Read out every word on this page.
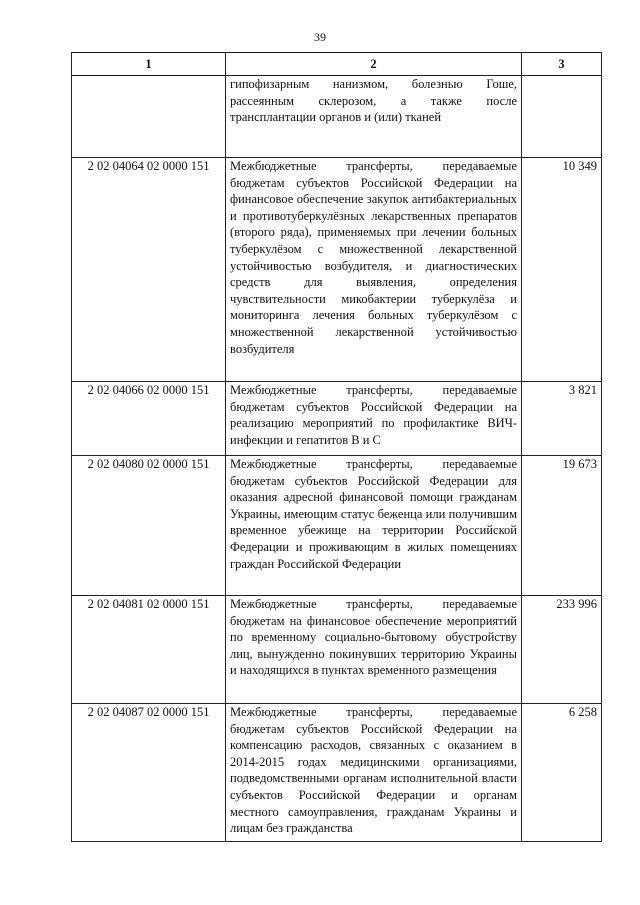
39
1	2	3
	гипофизарным нанизмом, болезнью Гоше, рассеянным склерозом, а также после трансплантации органов и (или) тканей	
2 02 04064 02 0000 151	Межбюджетные трансферты, передаваемые бюджетам субъектов Российской Федерации на финансовое обеспечение закупок антибактериальных и противотуберкулёзных лекарственных препаратов (второго ряда), применяемых при лечении больных туберкулёзом с множественной лекарственной устойчивостью возбудителя, и диагностических средств для выявления, определения чувствительности микобактерии туберкулёза и мониторинга лечения больных туберкулёзом с множественной лекарственной устойчивостью возбудителя	10 349
2 02 04066 02 0000 151	Межбюджетные трансферты, передаваемые бюджетам субъектов Российской Федерации на реализацию мероприятий по профилактике ВИЧ-инфекции и гепатитов В и С	3 821
2 02 04080 02 0000 151	Межбюджетные трансферты, передаваемые бюджетам субъектов Российской Федерации для оказания адресной финансовой помощи гражданам Украины, имеющим статус беженца или получившим временное убежище на территории Российской Федерации и проживающим в жилых помещениях граждан Российской Федерации	19 673
2 02 04081 02 0000 151	Межбюджетные трансферты, передаваемые бюджетам на финансовое обеспечение мероприятий по временному социально-бытовому обустройству лиц, вынужденно покинувших территорию Украины и находящихся в пунктах временного размещения	233 996
2 02 04087 02 0000 151	Межбюджетные трансферты, передаваемые бюджетам субъектов Российской Федерации на компенсацию расходов, связанных с оказанием в 2014-2015 годах медицинскими организациями, подведомственными органам исполнительной власти субъектов Российской Федерации и органам местного самоуправления, гражданам Украины и лицам без гражданства	6 258
